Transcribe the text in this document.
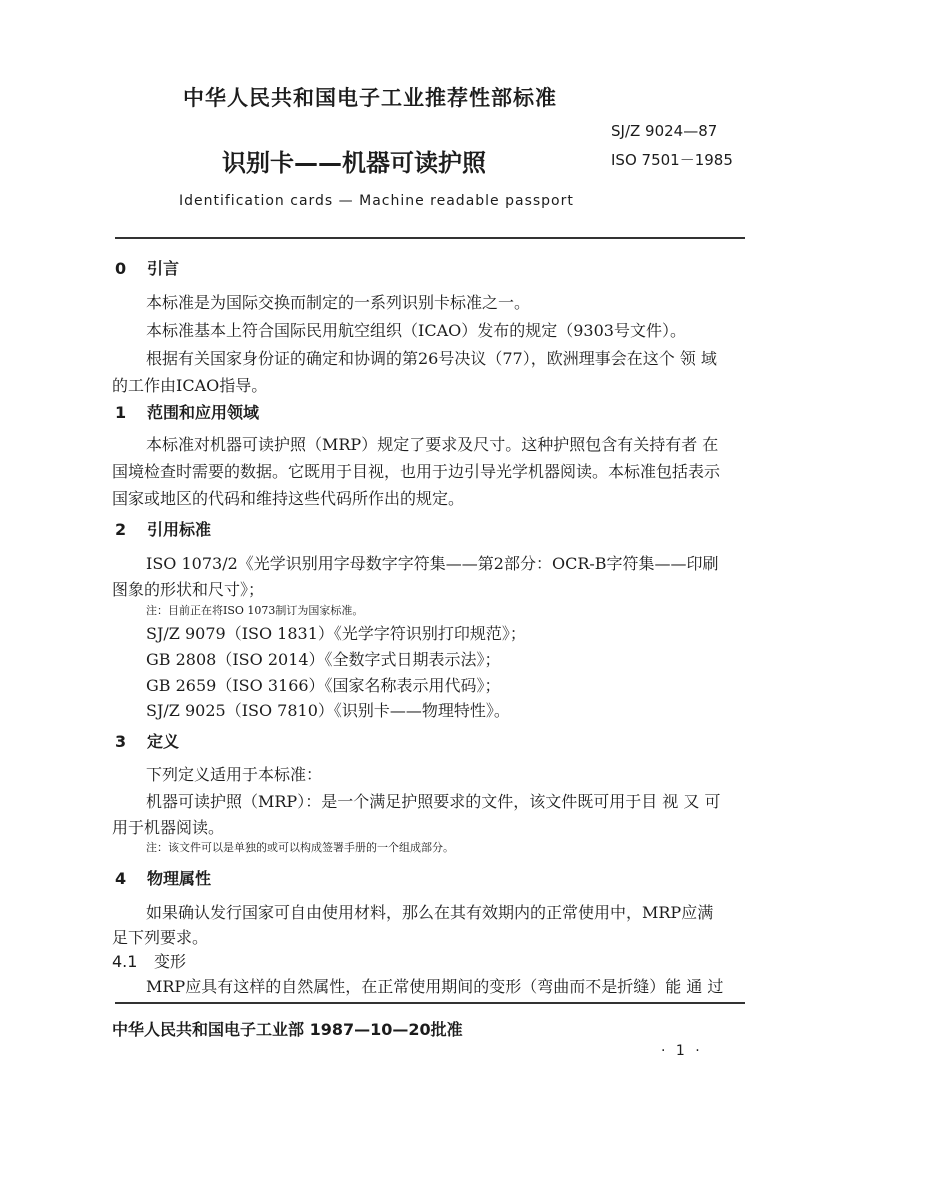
中华人民共和国电子工业推荐性部标准
识别卡——机器可读护照
Identification cards — Machine readable passport
SJ/Z 9024—87
ISO 7501－1985
0 引言
本标准是为国际交换而制定的一系列识别卡标准之一。
本标准基本上符合国际民用航空组织（ICAO）发布的规定（9303号文件）。
根据有关国家身份证的确定和协调的第26号决议（77），欧洲理事会在这个 领 域
的工作由ICAO指导。
1 范围和应用领域
本标准对机器可读护照（MRP）规定了要求及尺寸。这种护照包含有关持有者 在
国境检查时需要的数据。它既用于目视，也用于边引导光学机器阅读。本标准包括表示
国家或地区的代码和维持这些代码所作出的规定。
2 引用标准
ISO 1073/2《光学识别用字母数字字符集——第2部分：OCR-B字符集——印刷
图象的形状和尺寸》；
注：目前正在将ISO 1073制订为国家标准。
SJ/Z 9079（ISO 1831）《光学字符识别打印规范》；
GB 2808（ISO 2014）《全数字式日期表示法》；
GB 2659（ISO 3166）《国家名称表示用代码》；
SJ/Z 9025（ISO 7810）《识别卡——物理特性》。
3 定义
下列定义适用于本标准：
机器可读护照（MRP）：是一个满足护照要求的文件，该文件既可用于目 视 又 可
用于机器阅读。
注：该文件可以是单独的或可以构成签署手册的一个组成部分。
4 物理属性
如果确认发行国家可自由使用材料，那么在其有效期内的正常使用中，MRP应满
足下列要求。
4.1 变形
MRP应具有这样的自然属性，在正常使用期间的变形（弯曲而不是折缝）能 通 过
中华人民共和国电子工业部 1987—10—20批准
· 1 ·
